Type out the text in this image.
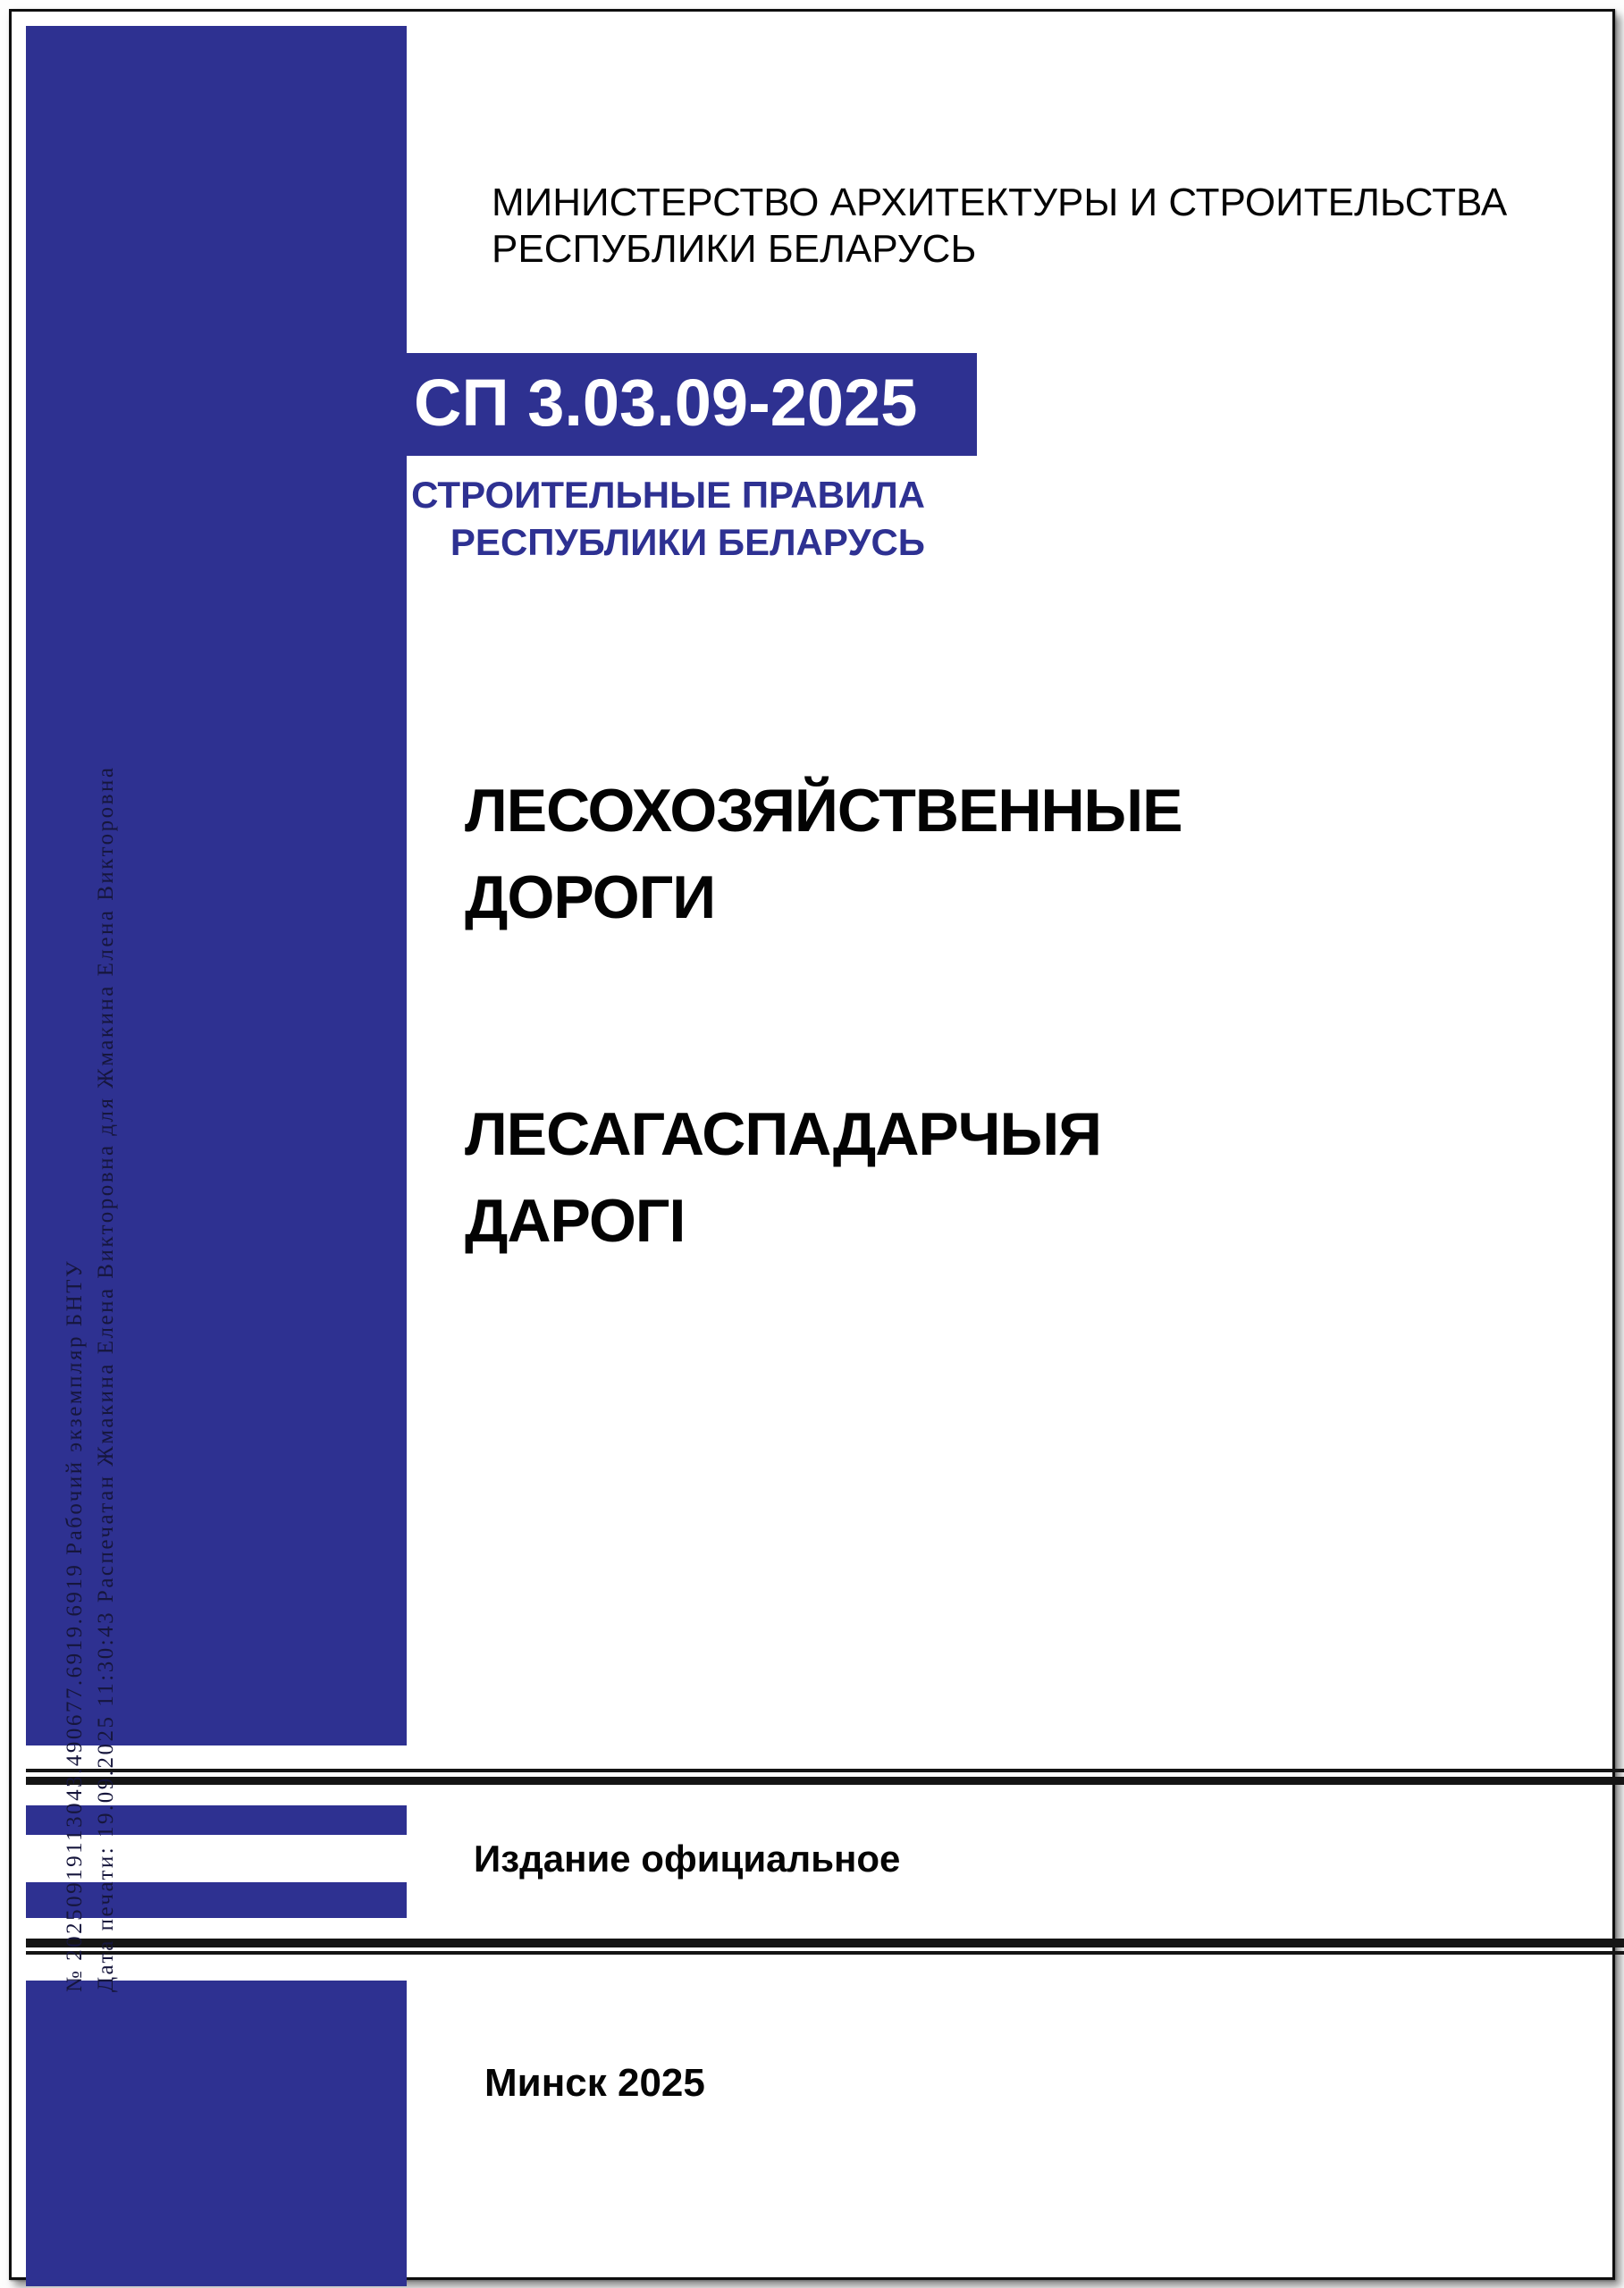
СП 3.03.09-2025
МИНИСТЕРСТВО АРХИТЕКТУРЫ И СТРОИТЕЛЬСТВА
РЕСПУБЛИКИ БЕЛАРУСЬ
СТРОИТЕЛЬНЫЕ ПРАВИЛА
РЕСПУБЛИКИ БЕЛАРУСЬ
ЛЕСОХОЗЯЙСТВЕННЫЕ
ДОРОГИ
ЛЕСАГАСПАДАРЧЫЯ
ДАРОГІ
Издание официальное
Минск 2025
№ 20250919113043.490677.6919.6919 Рабочий экземпляр БНТУ Дата печати: 19.09.2025 11:30:43 Распечатан Жмакина Елена Викторовна для Жмакина Елена Викторовна
